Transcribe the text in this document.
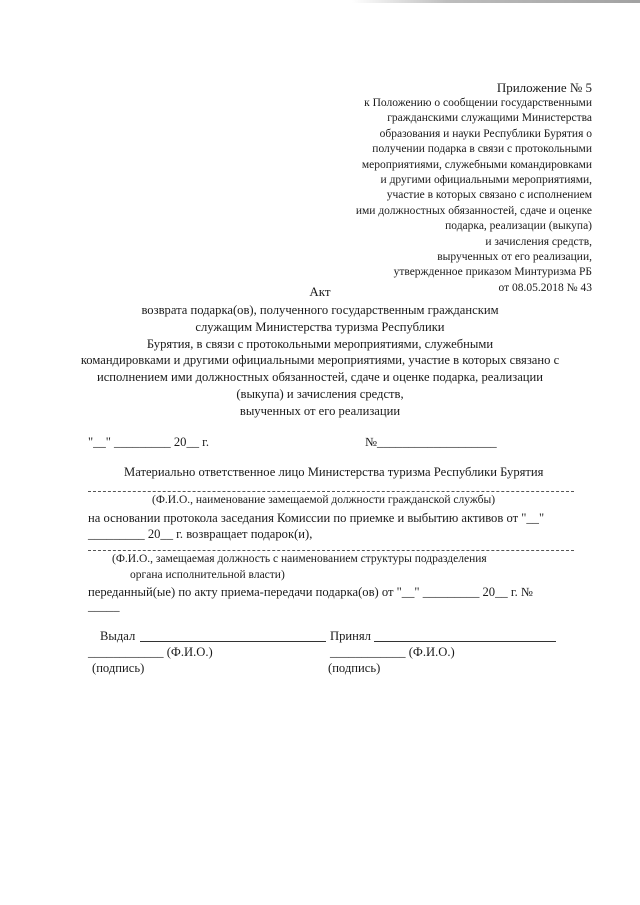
Приложение № 5
к Положению о сообщении государственными
гражданскими служащими Министерства
образования и науки Республики Бурятия о
получении подарка в связи с протокольными
мероприятиями, служебными командировками
и другими официальными мероприятиями,
участие в которых связано с исполнением
ими должностных обязанностей, сдаче и оценке
подарка, реализации (выкупа)
и зачисления средств,
вырученных от его реализации,
утвержденное приказом Минтуризма РБ
от 08.05.2018 № 43
Акт
возврата подарка(ов), полученного государственным гражданским
служащим Министерства туризма Республики
Бурятия, в связи с протокольными мероприятиями, служебными
командировками и другими официальными мероприятиями, участие в которых связано с
исполнением ими должностных обязанностей, сдаче и оценке подарка, реализации
(выкупа) и зачисления средств,
выученных от его реализации
"__" _________ 20__ г.	№___________________
Материально ответственное лицо Министерства туризма Республики Бурятия
(Ф.И.О., наименование замещаемой должности гражданской службы)
на основании протокола заседания Комиссии по приемке и выбытию активов от "__"
_________ 20__ г. возвращает подарок(и),
(Ф.И.О., замещаемая должность с наименованием структуры подразделения
органа исполнительной власти)
переданный(ые) по акту приема-передачи подарка(ов) от "__" _________ 20__ г. №
_____
Выдал	Принял
____________ (Ф.И.О.)	____________ (Ф.И.О.)
(подпись)	(подпись)
